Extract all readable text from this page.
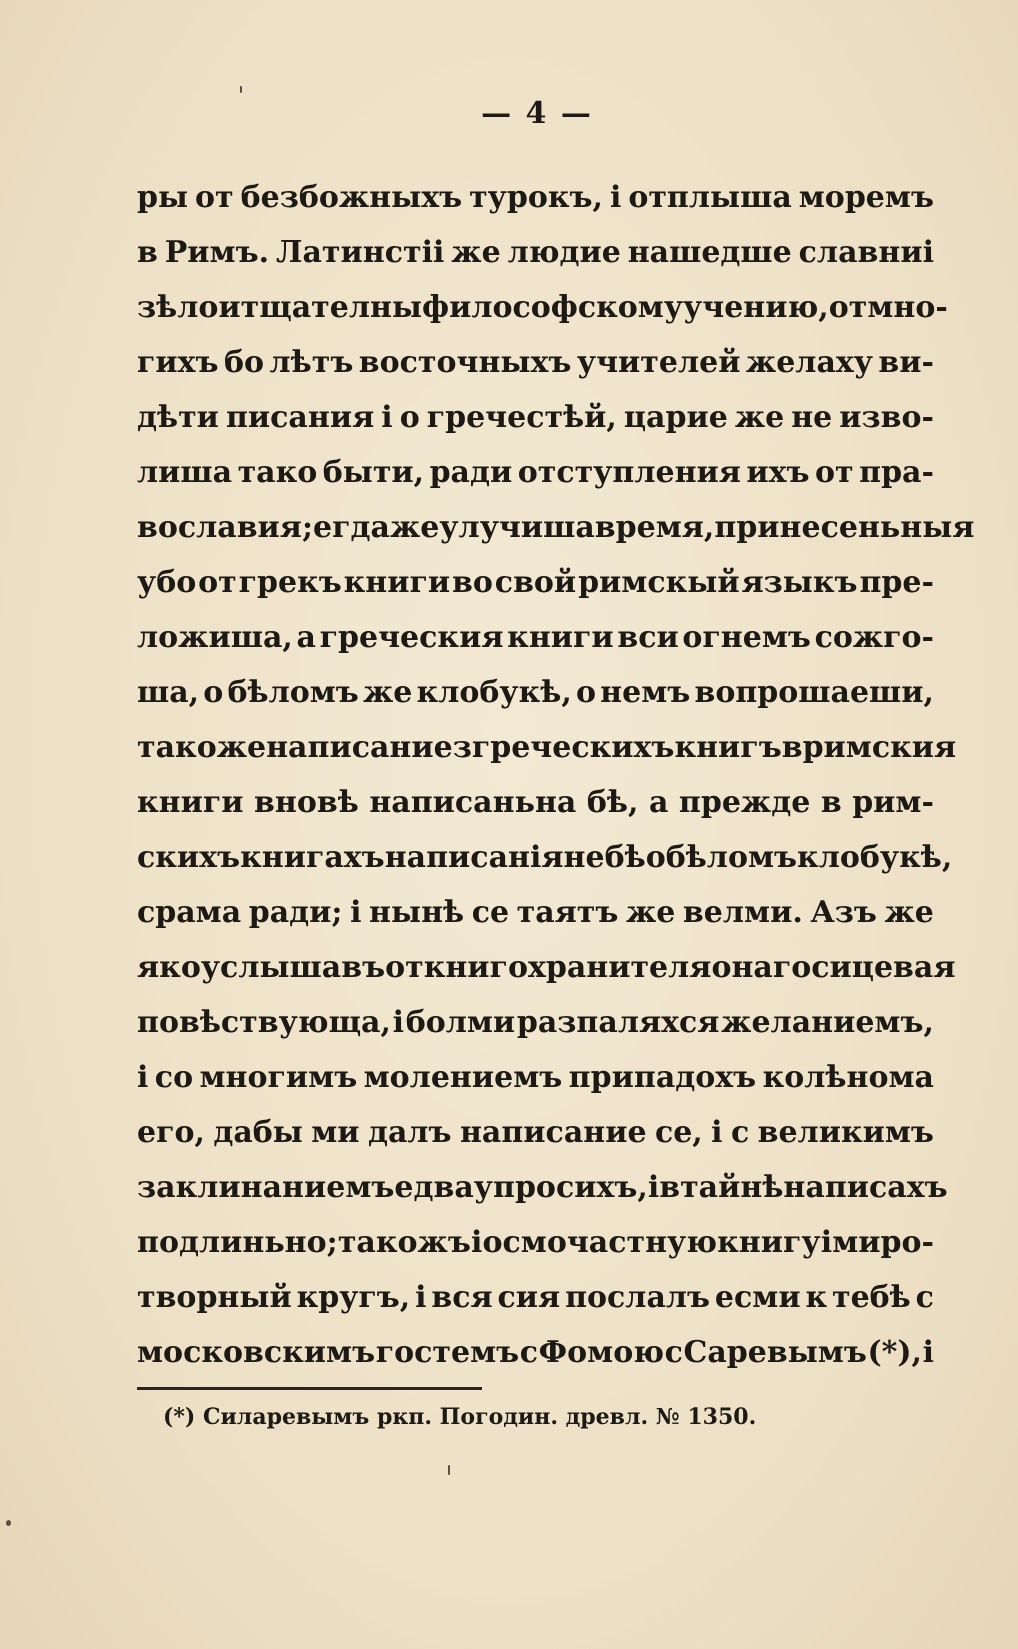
— 4 —
ры от безбожныхъ турокъ, і отплыша моремъ
в Римъ. Латинстіі же людие нашедше славниі
зѣло и тщателны философскому учению, от мно-
гихъ бо лѣтъ восточныхъ учителей желаху ви-
дѣти писания і о гречестѣй, царие же не изво-
лиша тако быти, ради отступления ихъ от пра-
вославия; егда же улучиша время, принесеньныя
убо от грекъ книги во свой римскый языкъ пре-
ложиша, а греческия книги вси огнемъ сожго-
ша, о бѣломъ же клобукѣ, о немъ вопрошаеши,
такоже написание з греческихъ книгъ в римския
книги вновѣ написаньна бѣ, а прежде в рим-
скихъ книгахъ написанія не бѣ о бѣломъ клобукѣ,
срама ради; і нынѣ се таятъ же велми. Азъ же
яко услышавъ от книгохранителя онаго сицевая
повѣствующа, і болми разпаляхся желаниемъ,
і со многимъ молениемъ припадохъ колѣнома
его, дабы ми далъ написание се, і с великимъ
заклинаниемъ едва упросихъ, і в тайнѣ написахъ
подлиньно; такожъ і осмочастную книгу і миро-
творный кругъ, і вся сия послалъ есми к тебѣ с
московскимъ гостемъ с Фомою с Саревымъ (*), і
(*) Силаревымъ ркп. Погодин. древл. № 1350.
